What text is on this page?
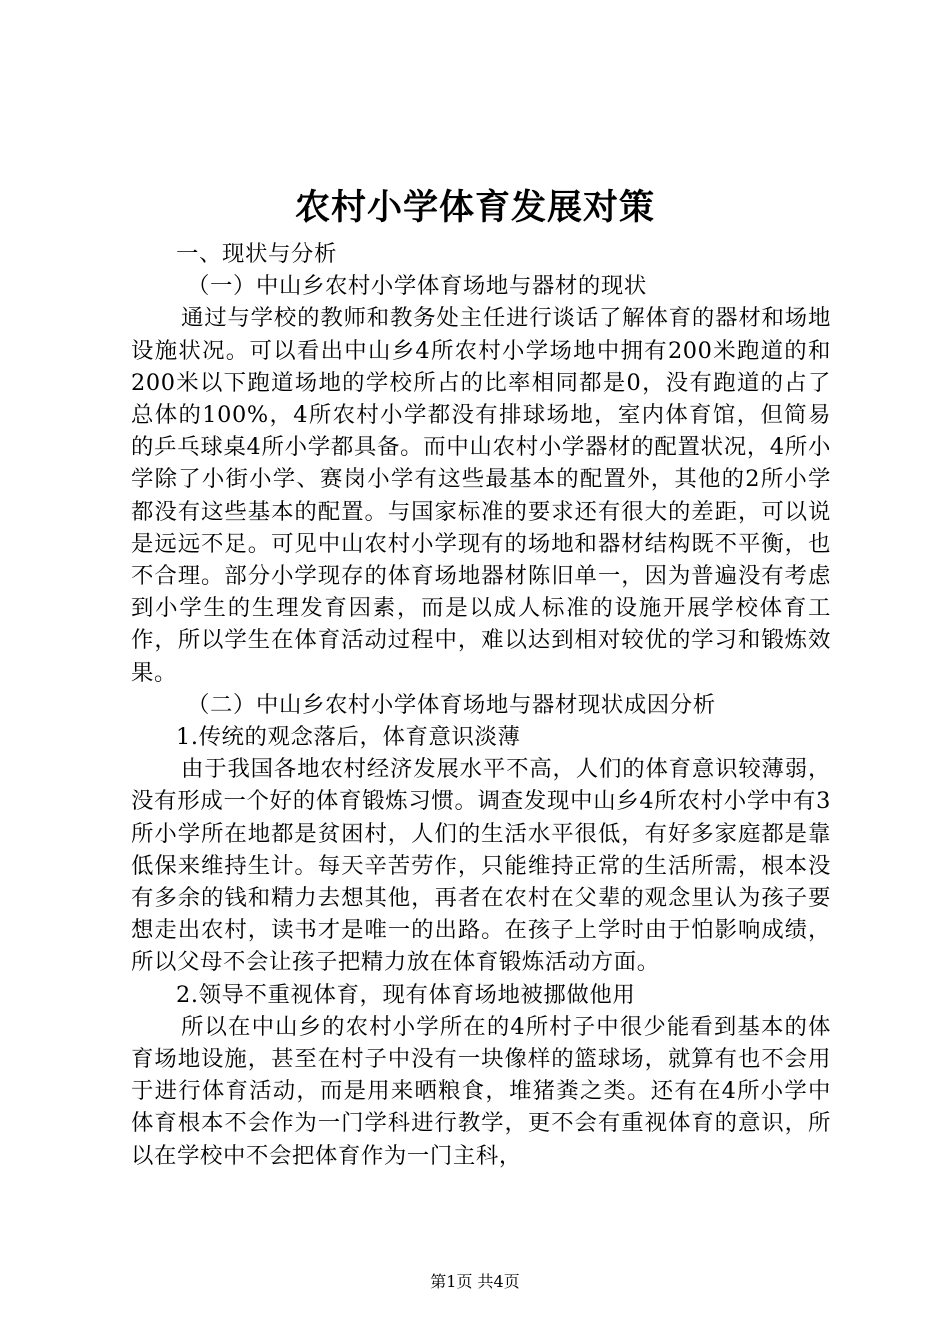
农村小学体育发展对策

一、现状与分析

（一）中山乡农村小学体育场地与器材的现状

通过与学校的教师和教务处主任进行谈话了解体育的器材和场地设施状况。可以看出中山乡4所农村小学场地中拥有200米跑道的和200米以下跑道场地的学校所占的比率相同都是0，没有跑道的占了总体的100%，4所农村小学都没有排球场地，室内体育馆，但简易的乒乓球桌4所小学都具备。而中山农村小学器材的配置状况，4所小学除了小街小学、赛岗小学有这些最基本的配置外，其他的2所小学都没有这些基本的配置。与国家标准的要求还有很大的差距，可以说是远远不足。可见中山农村小学现有的场地和器材结构既不平衡，也不合理。部分小学现存的体育场地器材陈旧单一，因为普遍没有考虑到小学生的生理发育因素，而是以成人标准的设施开展学校体育工作，所以学生在体育活动过程中，难以达到相对较优的学习和锻炼效果。

（二）中山乡农村小学体育场地与器材现状成因分析

1.传统的观念落后，体育意识淡薄

由于我国各地农村经济发展水平不高，人们的体育意识较薄弱，没有形成一个好的体育锻炼习惯。调查发现中山乡4所农村小学中有3所小学所在地都是贫困村，人们的生活水平很低，有好多家庭都是靠低保来维持生计。每天辛苦劳作，只能维持正常的生活所需，根本没有多余的钱和精力去想其他，再者在农村在父辈的观念里认为孩子要想走出农村，读书才是唯一的出路。在孩子上学时由于怕影响成绩，所以父母不会让孩子把精力放在体育锻炼活动方面。

2.领导不重视体育，现有体育场地被挪做他用

所以在中山乡的农村小学所在的4所村子中很少能看到基本的体育场地设施，甚至在村子中没有一块像样的篮球场，就算有也不会用于进行体育活动，而是用来晒粮食，堆猪粪之类。还有在4所小学中体育根本不会作为一门学科进行教学，更不会有重视体育的意识，所以在学校中不会把体育作为一门主科，

第1页 共4页
